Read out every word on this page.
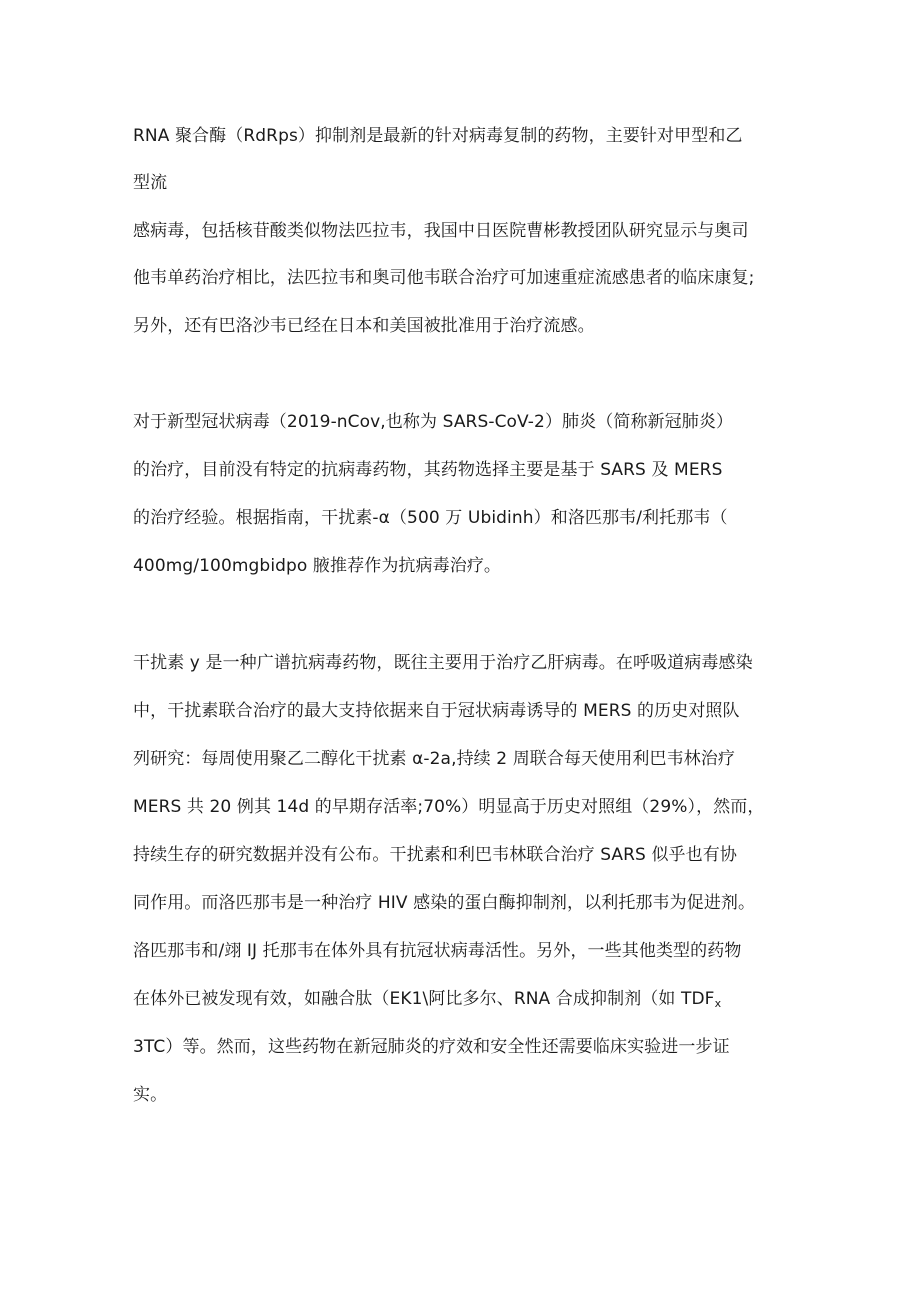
RNA 聚合酶（RdRps）抑制剂是最新的针对病毒复制的药物，主要针对甲型和乙
型流
感病毒，包括核苷酸类似物法匹拉韦，我国中日医院曹彬教授团队研究显示与奥司
他韦单药治疗相比，法匹拉韦和奥司他韦联合治疗可加速重症流感患者的临床康复;
另外，还有巴洛沙韦已经在日本和美国被批准用于治疗流感。
对于新型冠状病毒（2019-nCov,也称为 SARS-CoV-2）肺炎（简称新冠肺炎）
的治疗，目前没有特定的抗病毒药物，其药物选择主要是基于 SARS 及 MERS
的治疗经验。根据指南，干扰素-α（500 万 Ubidinh）和洛匹那韦/利托那韦（
400mg/100mgbidpo 腋推荐作为抗病毒治疗。
干扰素 y 是一种广谱抗病毒药物，既往主要用于治疗乙肝病毒。在呼吸道病毒感染
中，干扰素联合治疗的最大支持依据来自于冠状病毒诱导的 MERS 的历史对照队
列研究：每周使用聚乙二醇化干扰素 α-2a,持续 2 周联合每天使用利巴韦林治疗
MERS 共 20 例其 14d 的早期存活率;70%）明显高于历史对照组（29%），然而，
持续生存的研究数据并没有公布。干扰素和利巴韦林联合治疗 SARS 似乎也有协
同作用。而洛匹那韦是一种治疗 HIV 感染的蛋白酶抑制剂，以利托那韦为促进剂。
洛匹那韦和/翊 IJ 托那韦在体外具有抗冠状病毒活性。另外，一些其他类型的药物
在体外已被发现有效，如融合肽（EK1\阿比多尔、RNA 合成抑制剂（如 $TDF_x$
3TC）等。然而，这些药物在新冠肺炎的疗效和安全性还需要临床实验进一步证
实。
